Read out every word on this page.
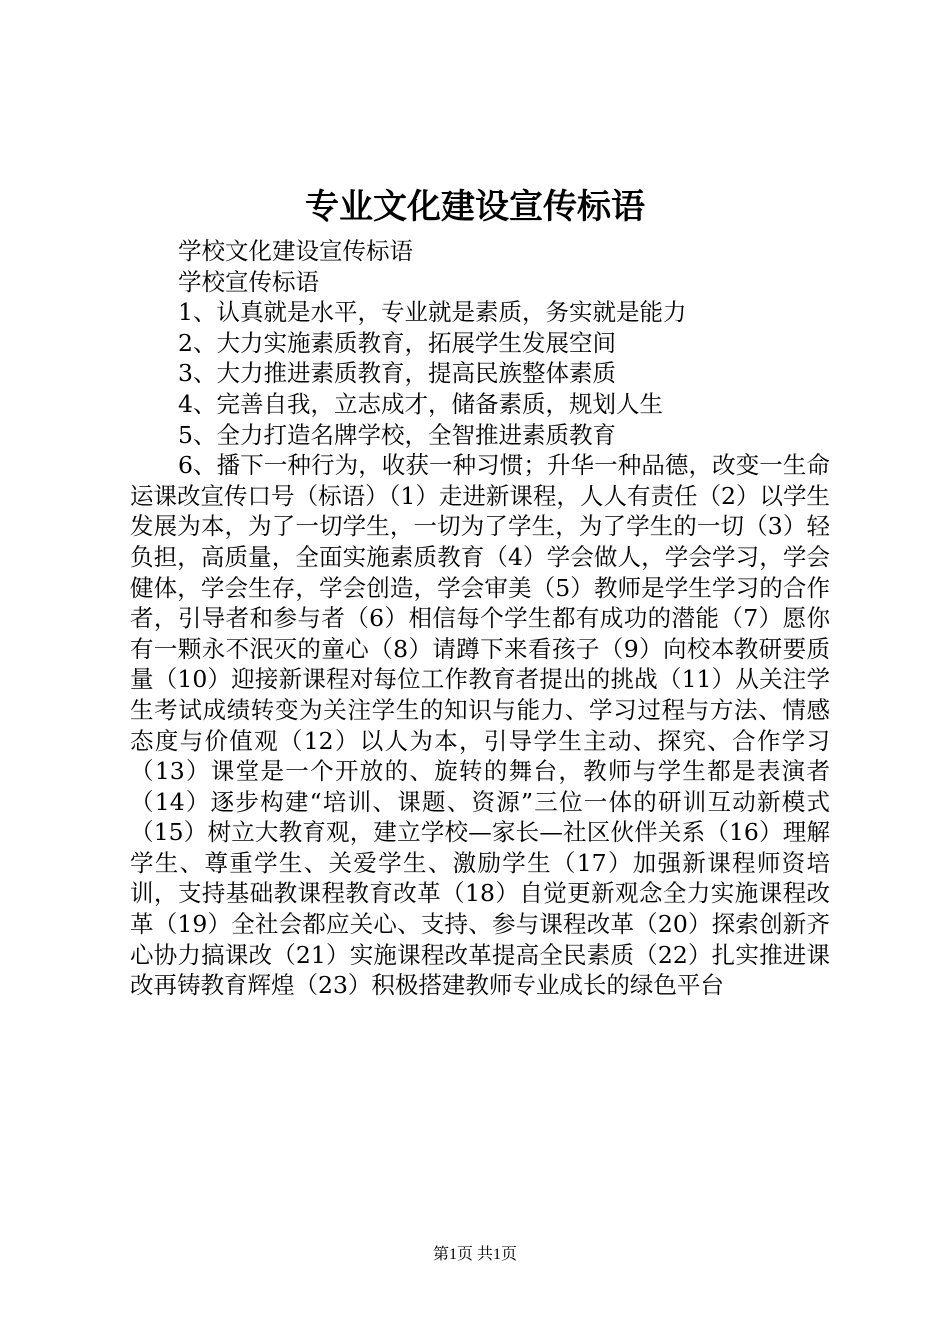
专业文化建设宣传标语

学校文化建设宣传标语

学校宣传标语

1、认真就是水平，专业就是素质，务实就是能力

2、大力实施素质教育，拓展学生发展空间

3、大力推进素质教育，提高民族整体素质

4、完善自我，立志成才，储备素质，规划人生

5、全力打造名牌学校，全智推进素质教育

6、播下一种行为，收获一种习惯；升华一种品德，改变一生命运课改宣传口号（标语）（1）走进新课程，人人有责任（2）以学生发展为本，为了一切学生，一切为了学生，为了学生的一切（3）轻负担，高质量，全面实施素质教育（4）学会做人，学会学习，学会健体，学会生存，学会创造，学会审美（5）教师是学生学习的合作者，引导者和参与者（6）相信每个学生都有成功的潜能（7）愿你有一颗永不泯灭的童心（8）请蹲下来看孩子（9）向校本教研要质量（10）迎接新课程对每位工作教育者提出的挑战（11）从关注学生考试成绩转变为关注学生的知识与能力、学习过程与方法、情感态度与价值观（12）以人为本，引导学生主动、探究、合作学习（13）课堂是一个开放的、旋转的舞台，教师与学生都是表演者（14）逐步构建“培训、课题、资源”三位一体的研训互动新模式（15）树立大教育观，建立学校—家长—社区伙伴关系（16）理解学生、尊重学生、关爱学生、激励学生（17）加强新课程师资培训，支持基础教课程教育改革（18）自觉更新观念全力实施课程改革（19）全社会都应关心、支持、参与课程改革（20）探索创新齐心协力搞课改（21）实施课程改革提高全民素质（22）扎实推进课改再铸教育辉煌（23）积极搭建教师专业成长的绿色平台

第1页 共1页
